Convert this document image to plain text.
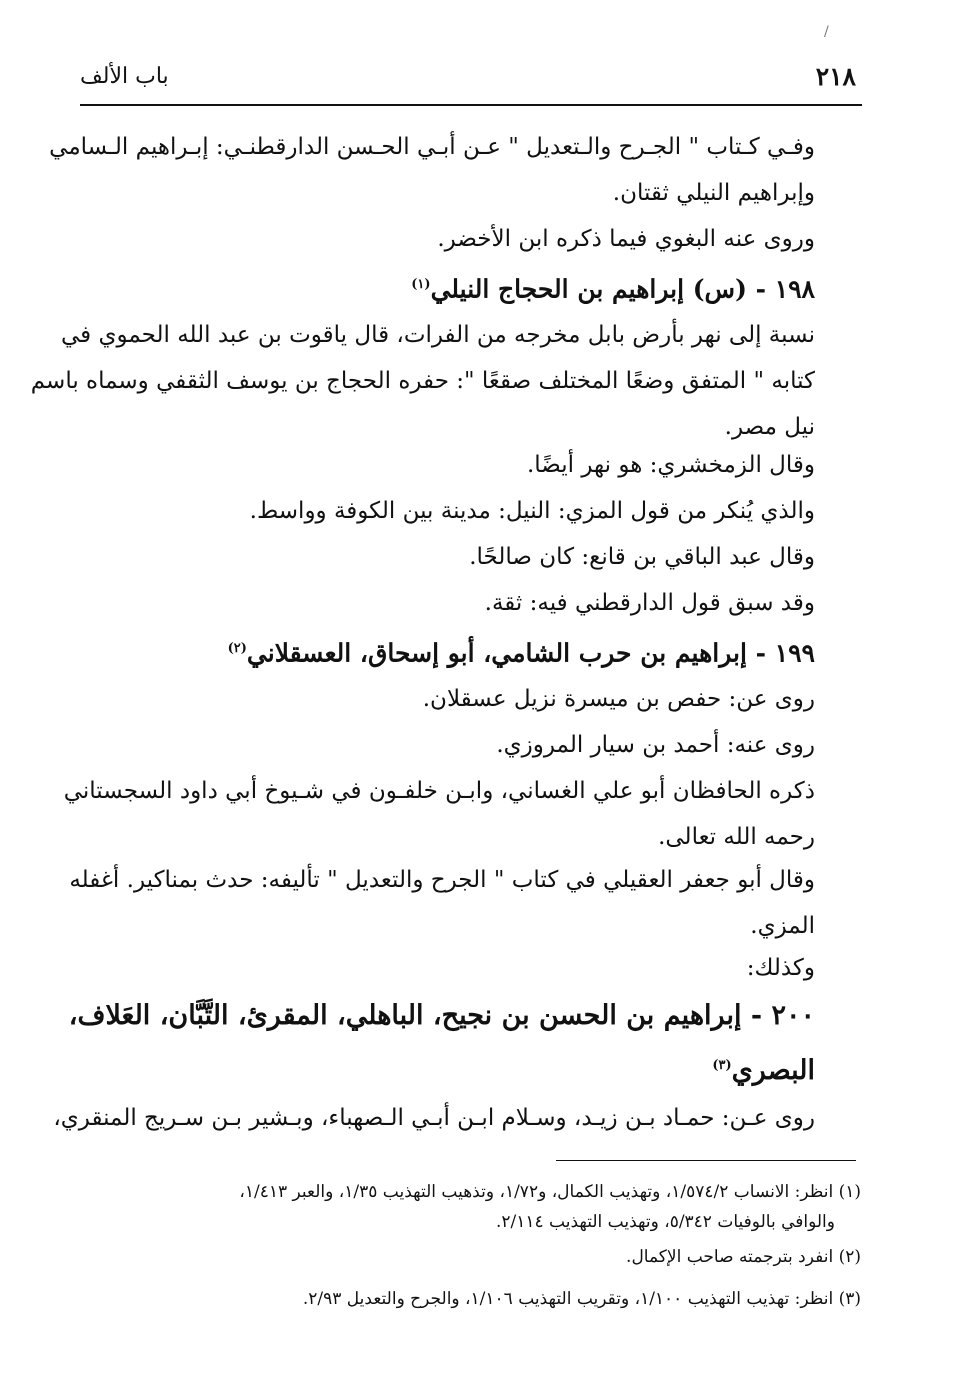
/
٢١٨
باب الألف
وفـي كـتاب " الجـرح والـتعديل " عـن أبـي الحـسن الدارقطنـي: إبـراهيم الـسامي
وإبراهيم النيلي ثقتان.
وروى عنه البغوي فيما ذكره ابن الأخضر.
١٩٨ - (س) إبراهيم بن الحجاج النيلي$^{(١)}$
نسبة إلى نهر بأرض بابل مخرجه من الفرات، قال ياقوت بن عبد الله الحموي في
كتابه " المتفق وضعًا المختلف صقعًا ": حفره الحجاج بن يوسف الثقفي وسماه باسم
نيل مصر.
وقال الزمخشري: هو نهر أيضًا.
والذي يُنكر من قول المزي: النيل: مدينة بين الكوفة وواسط.
وقال عبد الباقي بن قانع: كان صالحًا.
وقد سبق قول الدارقطني فيه: ثقة.
١٩٩ - إبراهيم بن حرب الشامي، أبو إسحاق، العسقلاني$^{(٢)}$
روى عن: حفص بن ميسرة نزيل عسقلان.
روى عنه: أحمد بن سيار المروزي.
ذكره الحافظان أبو علي الغساني، وابـن خلفـون في شـيوخ أبي داود السجستاني
رحمه الله تعالى.
وقال أبو جعفر العقيلي في كتاب " الجرح والتعديل " تأليفه: حدث بمناكير. أغفله
المزي.
وكذلك:
٢٠٠ - إبراهيم بن الحسن بن نجيح، الباهلي، المقرئ، التَّبَّان، العَلاف،
البصري$^{(٣)}$
روى عـن: حمـاد بـن زيـد، وسـلام ابـن أبـي الـصهباء، وبـشير بـن سـريج المنقري،
(١) انظر: الانساب ١/٥٧٤/٢، وتهذيب الكمال، و١/٧٢، وتذهيب التهذيب ١/٣٥، والعبر ١/٤١٣،
والوافي بالوفيات ٥/٣٤٢، وتهذيب التهذيب ٢/١١٤.
(٢) انفرد بترجمته صاحب الإكمال.
(٣) انظر: تهذيب التهذيب ١/١٠٠، وتقريب التهذيب ١/١٠٦، والجرح والتعديل ٢/٩٣.
